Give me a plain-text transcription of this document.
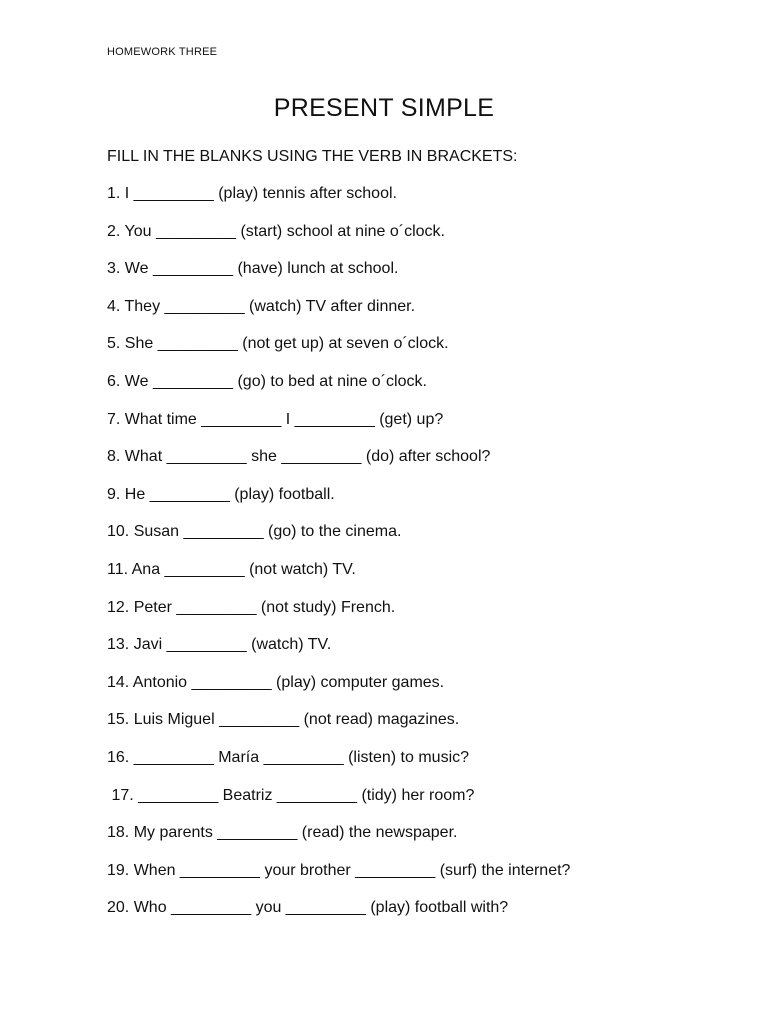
HOMEWORK THREE
PRESENT SIMPLE
FILL IN THE BLANKS USING THE VERB IN BRACKETS:
1. I _________ (play) tennis after school.
2. You _________ (start) school at nine o´clock.
3. We _________ (have) lunch at school.
4. They _________ (watch) TV after dinner.
5. She _________ (not get up) at seven o´clock.
6. We _________ (go) to bed at nine o´clock.
7. What time _________ I _________ (get) up?
8. What _________ she _________ (do) after school?
9. He _________ (play) football.
10. Susan _________ (go) to the cinema.
11. Ana _________ (not watch) TV.
12. Peter _________ (not study) French.
13. Javi _________ (watch) TV.
14. Antonio _________ (play) computer games.
15. Luis Miguel _________ (not read) magazines.
16. _________ María _________ (listen) to music?
17. _________ Beatriz _________ (tidy) her room?
18. My parents _________ (read) the newspaper.
19. When _________ your brother _________ (surf) the internet?
20. Who _________ you _________ (play) football with?
